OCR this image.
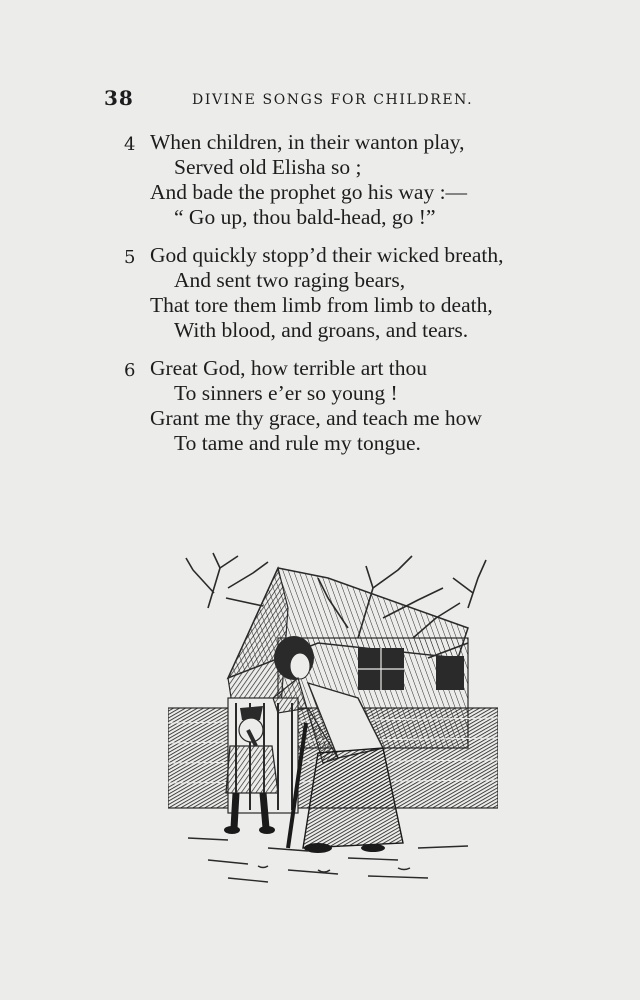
38	DIVINE SONGS FOR CHILDREN.
4 When children, in their wanton play,
Served old Elisha so ;
And bade the prophet go his way :—
“ Go up, thou bald-head, go !”
5 God quickly stopp’d their wicked breath,
And sent two raging bears,
That tore them limb from limb to death,
With blood, and groans, and tears.
6 Great God, how terrible art thou
To sinners e’er so young !
Grant me thy grace, and teach me how
To tame and rule my tongue.
